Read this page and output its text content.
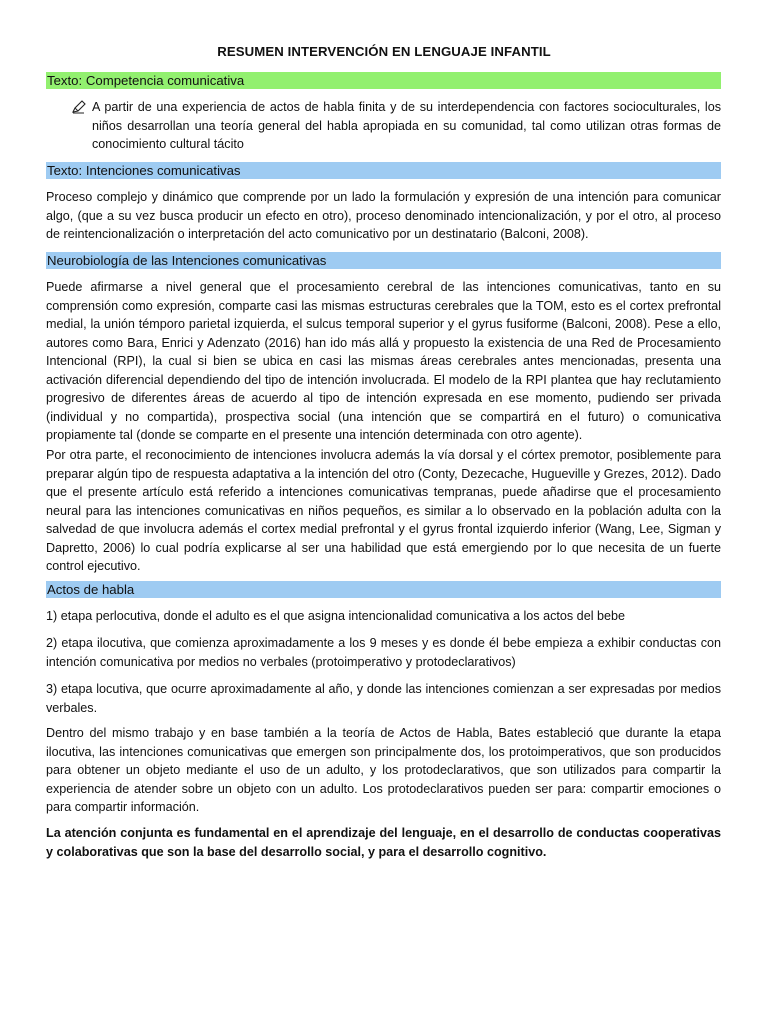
RESUMEN INTERVENCIÓN EN LENGUAJE INFANTIL
Texto: Competencia comunicativa
A partir de una experiencia de actos de habla finita y de su interdependencia con factores socioculturales, los niños desarrollan una teoría general del habla apropiada en su comunidad, tal como utilizan otras formas de conocimiento cultural tácito
Texto: Intenciones comunicativas
Proceso complejo y dinámico que comprende por un lado la formulación y expresión de una intención para comunicar algo, (que a su vez busca producir un efecto en otro), proceso denominado intencionalización, y por el otro, al proceso de reintencionalización o interpretación del acto comunicativo por un destinatario (Balconi, 2008).
Neurobiología de las Intenciones comunicativas
Puede afirmarse a nivel general que el procesamiento cerebral de las intenciones comunicativas, tanto en su comprensión como expresión, comparte casi las mismas estructuras cerebrales que la TOM, esto es el cortex prefrontal medial, la unión témporo parietal izquierda, el sulcus temporal superior y el gyrus fusiforme (Balconi, 2008). Pese a ello, autores como Bara, Enrici y Adenzato (2016) han ido más allá y propuesto la existencia de una Red de Procesamiento Intencional (RPI), la cual si bien se ubica en casi las mismas áreas cerebrales antes mencionadas, presenta una activación diferencial dependiendo del tipo de intención involucrada. El modelo de la RPI plantea que hay reclutamiento progresivo de diferentes áreas de acuerdo al tipo de intención expresada en ese momento, pudiendo ser privada (individual y no compartida), prospectiva social (una intención que se compartirá en el futuro) o comunicativa propiamente tal (donde se comparte en el presente una intención determinada con otro agente).
Por otra parte, el reconocimiento de intenciones involucra además la vía dorsal y el córtex premotor, posiblemente para preparar algún tipo de respuesta adaptativa a la intención del otro (Conty, Dezecache, Hugueville y Grezes, 2012). Dado que el presente artículo está referido a intenciones comunicativas tempranas, puede añadirse que el procesamiento neural para las intenciones comunicativas en niños pequeños, es similar a lo observado en la población adulta con la salvedad de que involucra además el cortex medial prefrontal y el gyrus frontal izquierdo inferior (Wang, Lee, Sigman y Dapretto, 2006) lo cual podría explicarse al ser una habilidad que está emergiendo por lo que necesita de un fuerte control ejecutivo.
Actos de habla
1) etapa perlocutiva, donde el adulto es el que asigna intencionalidad comunicativa a los actos del bebe
2) etapa ilocutiva, que comienza aproximadamente a los 9 meses y es donde él bebe empieza a exhibir conductas con intención comunicativa por medios no verbales (protoimperativo y protodeclarativos)
3) etapa locutiva, que ocurre aproximadamente al año, y donde las intenciones comienzan a ser expresadas por medios verbales.
Dentro del mismo trabajo y en base también a la teoría de Actos de Habla, Bates estableció que durante la etapa ilocutiva, las intenciones comunicativas que emergen son principalmente dos, los protoimperativos, que son producidos para obtener un objeto mediante el uso de un adulto, y los protodeclarativos, que son utilizados para compartir la experiencia de atender sobre un objeto con un adulto. Los protodeclarativos pueden ser para: compartir emociones o para compartir información.
La atención conjunta es fundamental en el aprendizaje del lenguaje, en el desarrollo de conductas cooperativas y colaborativas que son la base del desarrollo social, y para el desarrollo cognitivo.
